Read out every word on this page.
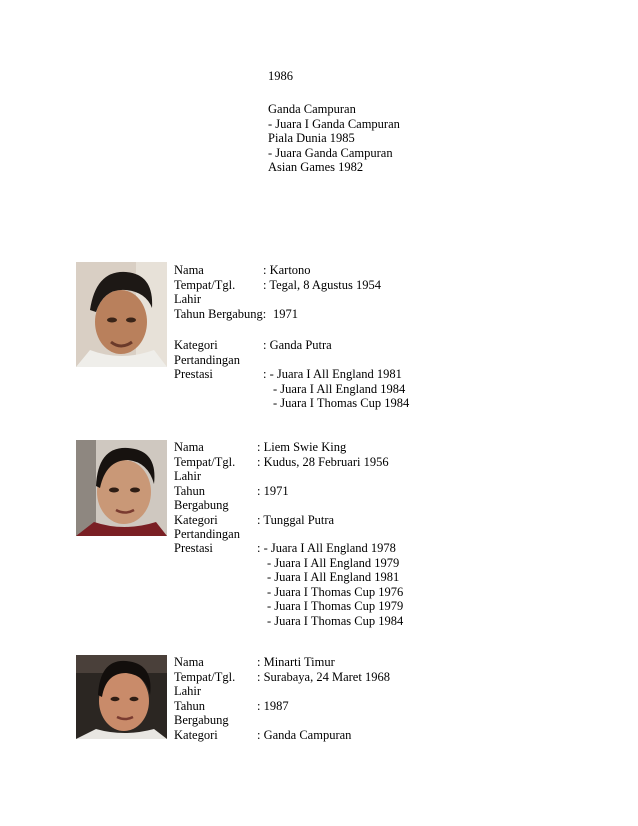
1986
Ganda Campuran
- Juara I Ganda Campuran
Piala Dunia 1985
- Juara Ganda Campuran
Asian Games 1982
Nama	: Kartono
Tempat/Tgl. : Tegal, 8 Agustus 1954
Lahir
Tahun Bergabung: 1971
Kategori	: Ganda Putra
Pertandingan
Prestasi	: - Juara I All England 1981
- Juara I All England 1984
- Juara I Thomas Cup 1984
Nama	: Liem Swie King
Tempat/Tgl. : Kudus, 28 Februari 1956
Lahir
Tahun	: 1971
Bergabung
Kategori	: Tunggal Putra
Pertandingan
Prestasi	: - Juara I All England 1978
- Juara I All England 1979
- Juara I All England 1981
- Juara I Thomas Cup 1976
- Juara I Thomas Cup 1979
- Juara I Thomas Cup 1984
Nama	: Minarti Timur
Tempat/Tgl. : Surabaya, 24 Maret 1968
Lahir
Tahun	: 1987
Bergabung
Kategori	: Ganda Campuran
